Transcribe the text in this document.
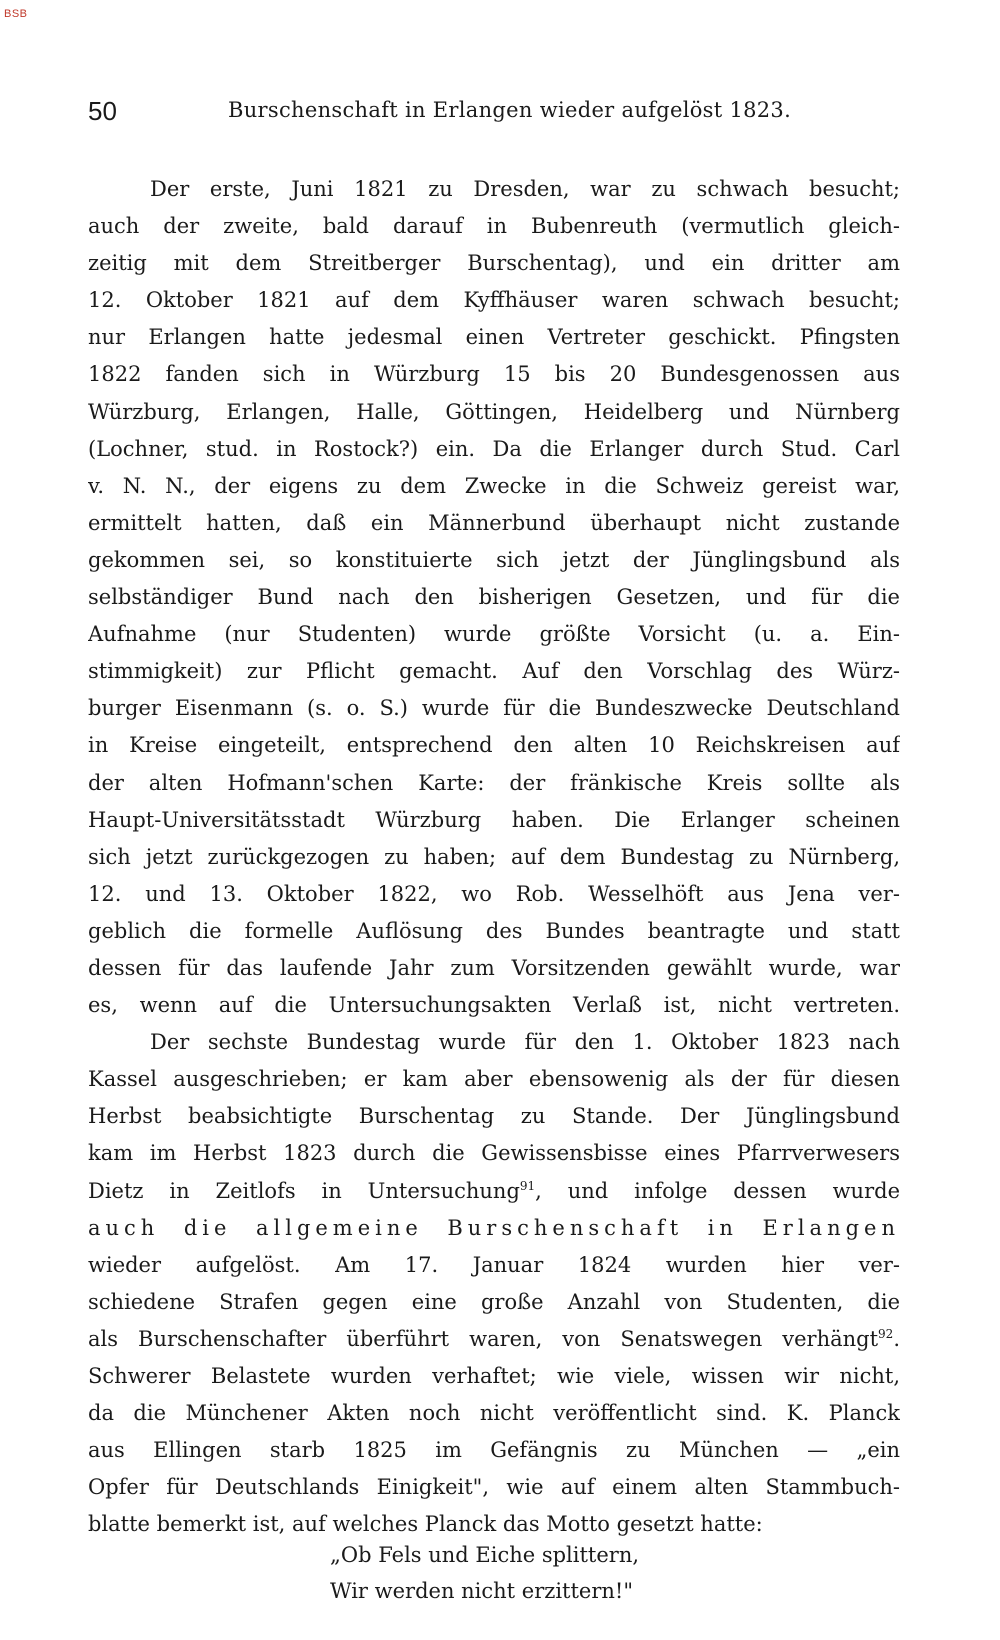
BSB
50	Burschenschaft in Erlangen wieder aufgelöst 1823.
Der erste, Juni 1821 zu Dresden, war zu schwach besucht;
auch der zweite, bald darauf in Bubenreuth (vermutlich gleich-
zeitig mit dem Streitberger Burschentag), und ein dritter am
12. Oktober 1821 auf dem Kyffhäuser waren schwach besucht;
nur Erlangen hatte jedesmal einen Vertreter geschickt. Pfingsten
1822 fanden sich in Würzburg 15 bis 20 Bundesgenossen aus
Würzburg, Erlangen, Halle, Göttingen, Heidelberg und Nürnberg
(Lochner, stud. in Rostock?) ein. Da die Erlanger durch Stud. Carl
v. N. N., der eigens zu dem Zwecke in die Schweiz gereist war,
ermittelt hatten, daß ein Männerbund überhaupt nicht zustande
gekommen sei, so konstituierte sich jetzt der Jünglingsbund als
selbständiger Bund nach den bisherigen Gesetzen, und für die
Aufnahme (nur Studenten) wurde größte Vorsicht (u. a. Ein-
stimmigkeit) zur Pflicht gemacht. Auf den Vorschlag des Würz-
burger Eisenmann (s. o. S.) wurde für die Bundeszwecke Deutschland
in Kreise eingeteilt, entsprechend den alten 10 Reichskreisen auf
der alten Hofmann'schen Karte: der fränkische Kreis sollte als
Haupt-Universitätsstadt Würzburg haben. Die Erlanger scheinen
sich jetzt zurückgezogen zu haben; auf dem Bundestag zu Nürnberg,
12. und 13. Oktober 1822, wo Rob. Wesselhöft aus Jena ver-
geblich die formelle Auflösung des Bundes beantragte und statt
dessen für das laufende Jahr zum Vorsitzenden gewählt wurde, war
es, wenn auf die Untersuchungsakten Verlaß ist, nicht vertreten.
Der sechste Bundestag wurde für den 1. Oktober 1823 nach
Kassel ausgeschrieben; er kam aber ebensowenig als der für diesen
Herbst beabsichtigte Burschentag zu Stande. Der Jünglingsbund
kam im Herbst 1823 durch die Gewissensbisse eines Pfarrverwesers
Dietz in Zeitlofs in Untersuchung$^{91}$, und infolge dessen wurde
auch die allgemeine Burschenschaft in Erlangen
wieder aufgelöst. Am 17. Januar 1824 wurden hier ver-
schiedene Strafen gegen eine große Anzahl von Studenten, die
als Burschenschafter überführt waren, von Senatswegen verhängt$^{92}$.
Schwerer Belastete wurden verhaftet; wie viele, wissen wir nicht,
da die Münchener Akten noch nicht veröffentlicht sind. K. Planck
aus Ellingen starb 1825 im Gefängnis zu München — „ein
Opfer für Deutschlands Einigkeit", wie auf einem alten Stammbuch-
blatte bemerkt ist, auf welches Planck das Motto gesetzt hatte:
„Ob Fels und Eiche splittern,
Wir werden nicht erzittern!"
